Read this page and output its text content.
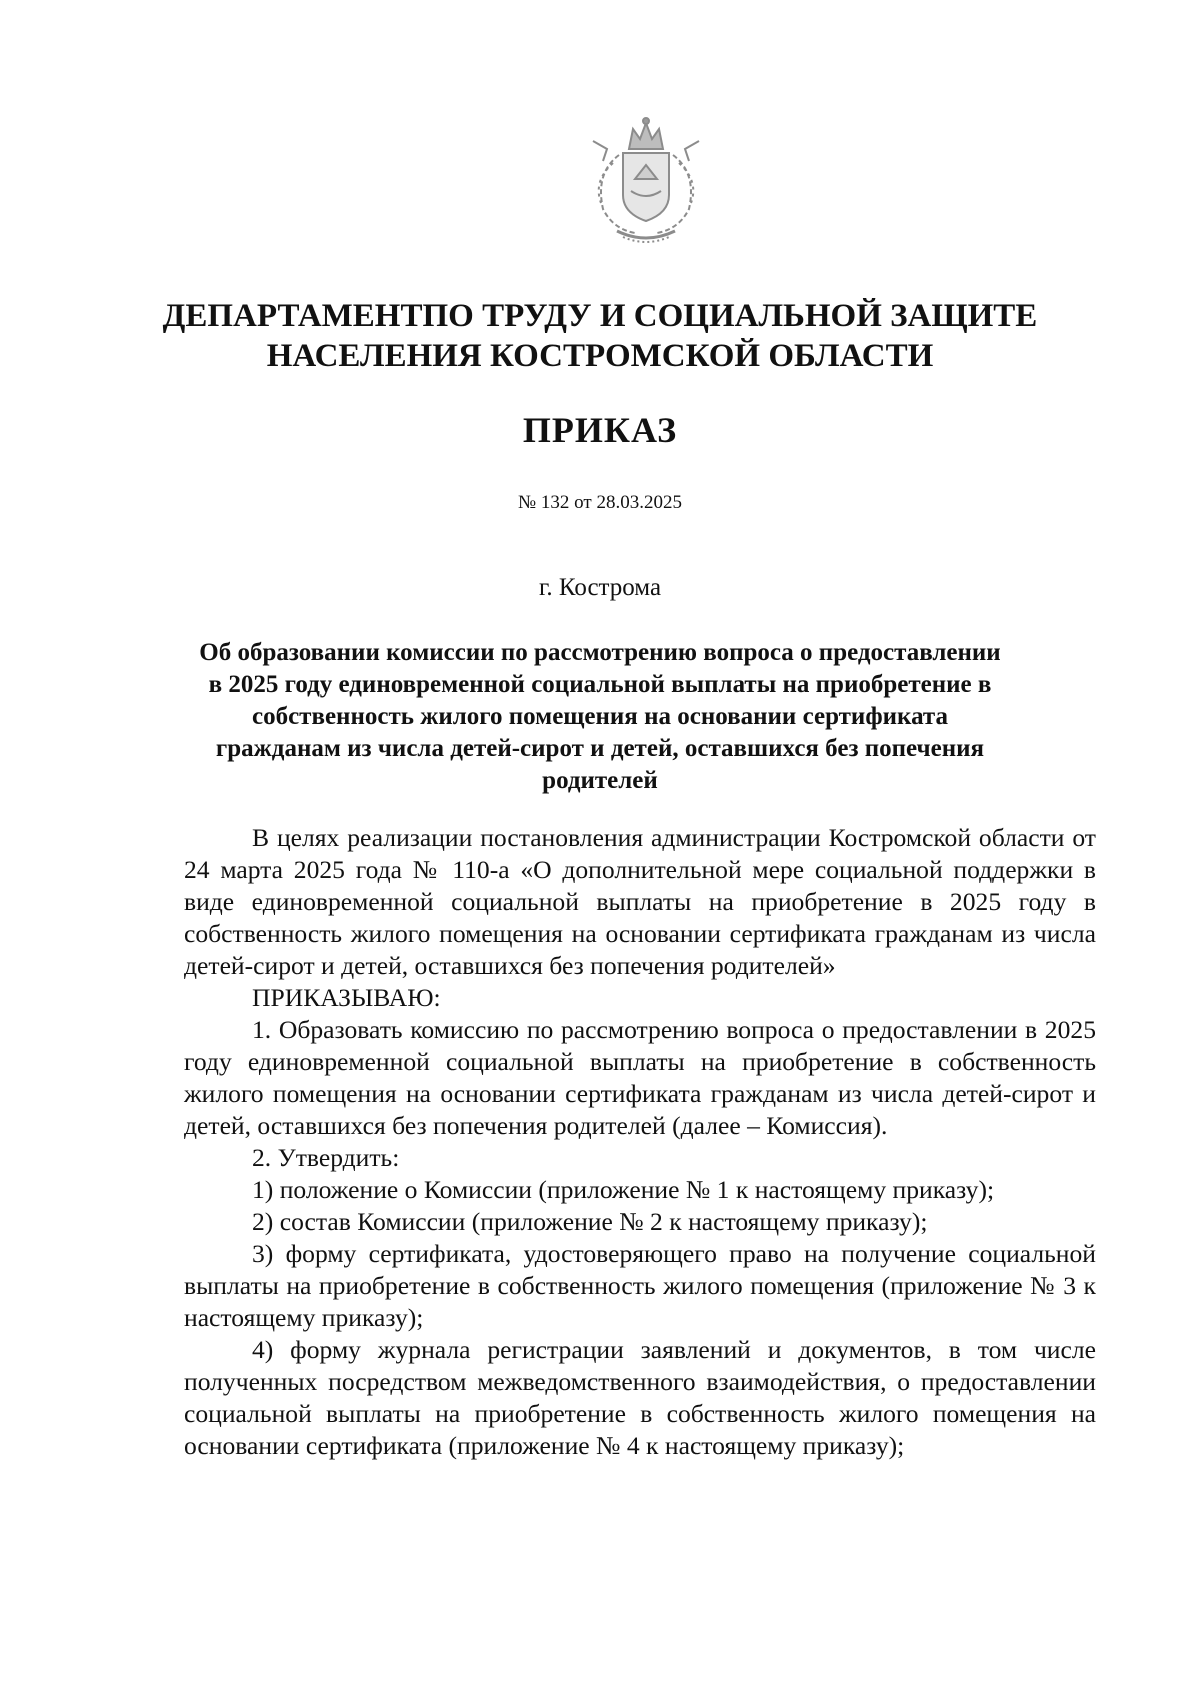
ДЕПАРТАМЕНТПО ТРУДУ И СОЦИАЛЬНОЙ ЗАЩИТЕ
НАСЕЛЕНИЯ КОСТРОМСКОЙ ОБЛАСТИ
ПРИКАЗ
№ 132 от 28.03.2025
г. Кострома
Об образовании комиссии по рассмотрению вопроса о предоставлении
в 2025 году единовременной социальной выплаты на приобретение в
собственность жилого помещения на основании сертификата
гражданам из числа детей-сирот и детей, оставшихся без попечения
родителей

В целях реализации постановления администрации Костромской области от 24 марта 2025 года № 110-а «О дополнительной мере социальной поддержки в виде единовременной социальной выплаты на приобретение в 2025 году в собственность жилого помещения на основании сертификата гражданам из числа детей-сирот и детей, оставшихся без попечения родителей»

ПРИКАЗЫВАЮ:

1. Образовать комиссию по рассмотрению вопроса о предоставлении в 2025 году единовременной социальной выплаты на приобретение в собственность жилого помещения на основании сертификата гражданам из числа детей-сирот и детей, оставшихся без попечения родителей (далее – Комиссия).

2. Утвердить:

1) положение о Комиссии (приложение № 1 к настоящему приказу);

2) состав Комиссии (приложение № 2 к настоящему приказу);

3) форму сертификата, удостоверяющего право на получение социальной выплаты на приобретение в собственность жилого помещения (приложение № 3 к настоящему приказу);

4) форму журнала регистрации заявлений и документов, в том числе полученных посредством межведомственного взаимодействия, о предоставлении социальной выплаты на приобретение в собственность жилого помещения на основании сертификата (приложение № 4 к настоящему приказу);
